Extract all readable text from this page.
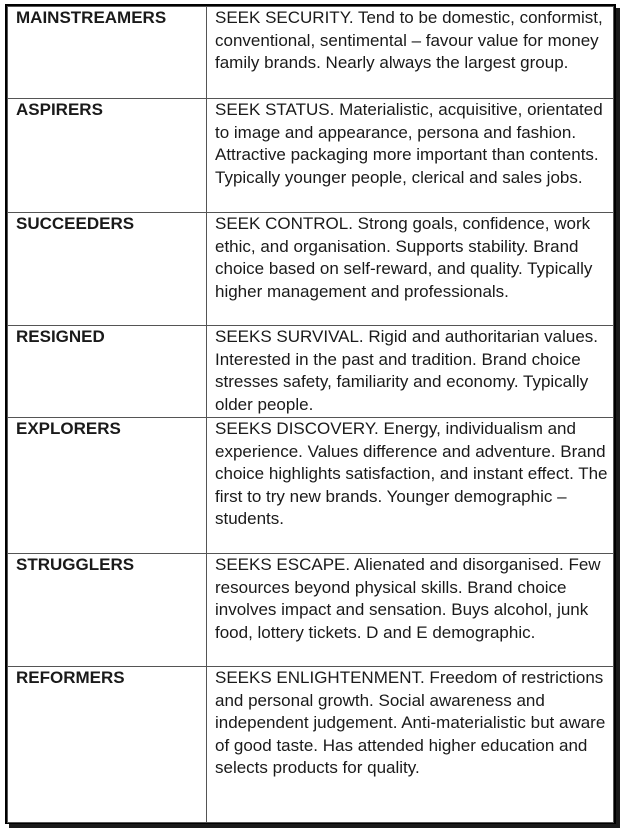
MAINSTREAMERS	SEEK SECURITY. Tend to be domestic, conformist, conventional, sentimental – favour value for money family brands. Nearly always the largest group.
ASPIRERS	SEEK STATUS. Materialistic, acquisitive, orientated to image and appearance, persona and fashion. Attractive packaging more important than contents. Typically younger people, clerical and sales jobs.
SUCCEEDERS	SEEK CONTROL. Strong goals, confidence, work ethic, and organisation. Supports stability. Brand choice based on self-reward, and quality. Typically higher management and professionals.
RESIGNED	SEEKS SURVIVAL. Rigid and authoritarian values. Interested in the past and tradition. Brand choice stresses safety, familiarity and economy. Typically older people.
EXPLORERS	SEEKS DISCOVERY. Energy, individualism and experience. Values difference and adventure. Brand choice highlights satisfaction, and instant effect. The first to try new brands. Younger demographic – students.
STRUGGLERS	SEEKS ESCAPE. Alienated and disorganised. Few resources beyond physical skills. Brand choice involves impact and sensation. Buys alcohol, junk food, lottery tickets. D and E demographic.
REFORMERS	SEEKS ENLIGHTENMENT. Freedom of restrictions and personal growth. Social awareness and independent judgement. Anti-materialistic but aware of good taste. Has attended higher education and selects products for quality.
